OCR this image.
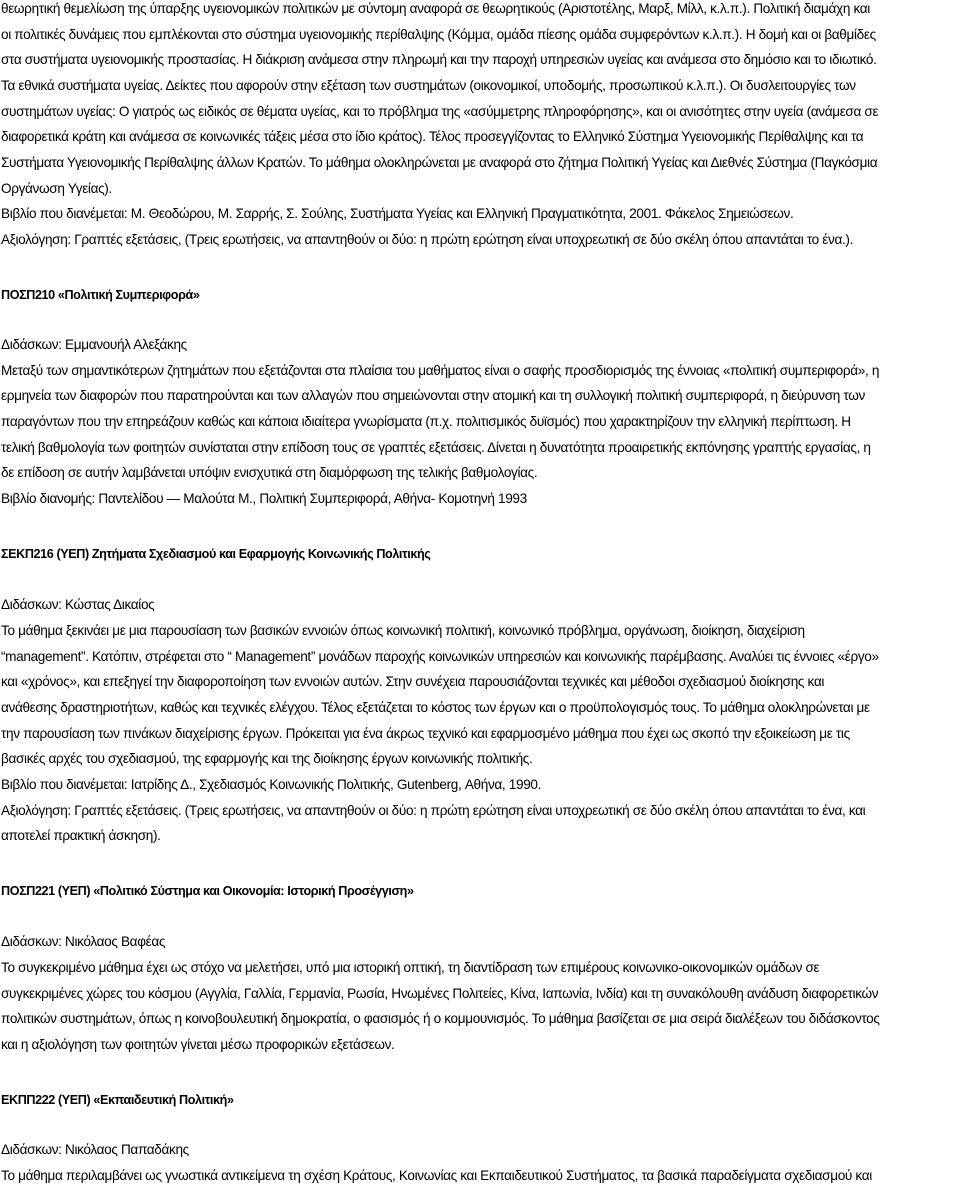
θεωρητική θεμελίωση της ύπαρξης υγειονομικών πολιτικών με σύντομη αναφορά σε θεωρητικούς (Αριστοτέλης, Μαρξ, Μίλλ, κ.λ.π.). Πολιτική διαμάχη και
οι πολιτικές δυνάμεις που εμπλέκονται στο σύστημα υγειονομικής περίθαλψης (Κόμμα, ομάδα πίεσης ομάδα συμφερόντων κ.λ.π.). Η δομή και οι βαθμίδες
στα συστήματα υγειονομικής προστασίας. Η διάκριση ανάμεσα στην πληρωμή και την παροχή υπηρεσιών υγείας και ανάμεσα στο δημόσιο και το ιδιωτικό.
Τα εθνικά συστήματα υγείας. Δείκτες που αφορούν στην εξέταση των συστημάτων (οικονομικοί, υποδομής, προσωπικού κ.λ.π.). Οι δυσλειτουργίες των
συστημάτων υγείας: Ο γιατρός ως ειδικός σε θέματα υγείας, και το πρόβλημα της «ασύμμετρης πληροφόρησης», και οι ανισότητες στην υγεία (ανάμεσα σε
διαφορετικά κράτη και ανάμεσα σε κοινωνικές τάξεις μέσα στο ίδιο κράτος). Τέλος προσεγγίζοντας το Ελληνικό Σύστημα Υγειονομικής Περίθαλψης και τα
Συστήματα Υγειονομικής Περίθαλψης άλλων Κρατών. Το μάθημα ολοκληρώνεται με αναφορά στο ζήτημα Πολιτική Υγείας και Διεθνές Σύστημα (Παγκόσμια
Οργάνωση Υγείας).
Βιβλίο που διανέμεται: Μ. Θεοδώρου, Μ. Σαρρής, Σ. Σούλης, Συστήματα Υγείας και Ελληνική Πραγματικότητα, 2001. Φάκελος Σημειώσεων.
Αξιολόγηση: Γραπτές εξετάσεις, (Τρεις ερωτήσεις, να απαντηθούν οι δύο: η πρώτη ερώτηση είναι υποχρεωτική σε δύο σκέλη όπου απαντάται το ένα.).
ΠΟΣΠ210 «Πολιτική Συμπεριφορά»
Διδάσκων: Εμμανουήλ Αλεξάκης
Μεταξύ των σημαντικότερων ζητημάτων που εξετάζονται στα πλαίσια του μαθήματος είναι ο σαφής προσδιορισμός της έννοιας «πολιτική συμπεριφορά», η
ερμηνεία των διαφορών που παρατηρούνται και των αλλαγών που σημειώνονται στην ατομική και τη συλλογική πολιτική συμπεριφορά, η διεύρυνση των
παραγόντων που την επηρεάζουν καθώς και κάποια ιδιαίτερα γνωρίσματα (π.χ. πολιτισμικός δυϊσμός) που χαρακτηρίζουν την ελληνική περίπτωση. Η
τελική βαθμολογία των φοιτητών συνίσταται στην επίδοση τους σε γραπτές εξετάσεις. Δίνεται η δυνατότητα προαιρετικής εκπόνησης γραπτής εργασίας, η
δε επίδοση σε αυτήν λαμβάνεται υπόψιν ενισχυτικά στη διαμόρφωση της τελικής βαθμολογίας.
Βιβλίο διανομής: Παντελίδου — Μαλούτα Μ., Πολιτική Συμπεριφορά, Αθήνα- Κομοτηνή 1993
ΣΕΚΠ216 (ΥΕΠ) Ζητήματα Σχεδιασμού και Εφαρμογής Κοινωνικής Πολιτικής
Διδάσκων: Κώστας Δικαίος
Το μάθημα ξεκινάει με μια παρουσίαση των βασικών εννοιών όπως κοινωνική πολιτική, κοινωνικό πρόβλημα, οργάνωση, διοίκηση, διαχείριση
“management”. Κατόπιν, στρέφεται στο “ Management” μονάδων παροχής κοινωνικών υπηρεσιών και κοινωνικής παρέμβασης. Αναλύει τις έννοιες «έργο»
και «χρόνος», και επεξηγεί την διαφοροποίηση των εννοιών αυτών. Στην συνέχεια παρουσιάζονται τεχνικές και μέθοδοι σχεδιασμού διοίκησης και
ανάθεσης δραστηριοτήτων, καθώς και τεχνικές ελέγχου. Τέλος εξετάζεται το κόστος των έργων και ο προϋπολογισμός τους. Το μάθημα ολοκληρώνεται με
την παρουσίαση των πινάκων διαχείρισης έργων. Πρόκειται για ένα άκρως τεχνικό και εφαρμοσμένο μάθημα που έχει ως σκοπό την εξοικείωση με τις
βασικές αρχές του σχεδιασμού, της εφαρμογής και της διοίκησης έργων κοινωνικής πολιτικής.
Βιβλίο που διανέμεται: Ιατρίδης Δ., Σχεδιασμός Κοινωνικής Πολιτικής, Gutenberg, Αθήνα, 1990.
Αξιολόγηση: Γραπτές εξετάσεις. (Τρεις ερωτήσεις, να απαντηθούν οι δύο: η πρώτη ερώτηση είναι υποχρεωτική σε δύο σκέλη όπου απαντάται το ένα, και
αποτελεί πρακτική άσκηση).
ΠΟΣΠ221 (ΥΕΠ) «Πολιτικό Σύστημα και Οικονομία: Ιστορική Προσέγγιση»
Διδάσκων: Νικόλαος Βαφέας
Το συγκεκριμένο μάθημα έχει ως στόχο να μελετήσει, υπό μια ιστορική οπτική, τη διαντίδραση των επιμέρους κοινωνικο-οικονομικών ομάδων σε
συγκεκριμένες χώρες του κόσμου (Αγγλία, Γαλλία, Γερμανία, Ρωσία, Ηνωμένες Πολιτείες, Κίνα, Ιαπωνία, Ινδία) και τη συνακόλουθη ανάδυση διαφορετικών
πολιτικών συστημάτων, όπως η κοινοβουλευτική δημοκρατία, ο φασισμός ή ο κομμουνισμός. Το μάθημα βασίζεται σε μια σειρά διαλέξεων του διδάσκοντος
και η αξιολόγηση των φοιτητών γίνεται μέσω προφορικών εξετάσεων.
ΕΚΠΠ222 (ΥΕΠ) «Εκπαιδευτική Πολιτική»
Διδάσκων: Νικόλαος Παπαδάκης
Το μάθημα περιλαμβάνει ως γνωστικά αντικείμενα τη σχέση Κράτους, Κοινωνίας και Εκπαιδευτικού Συστήματος, τα βασικά παραδείγματα σχεδιασμού και
